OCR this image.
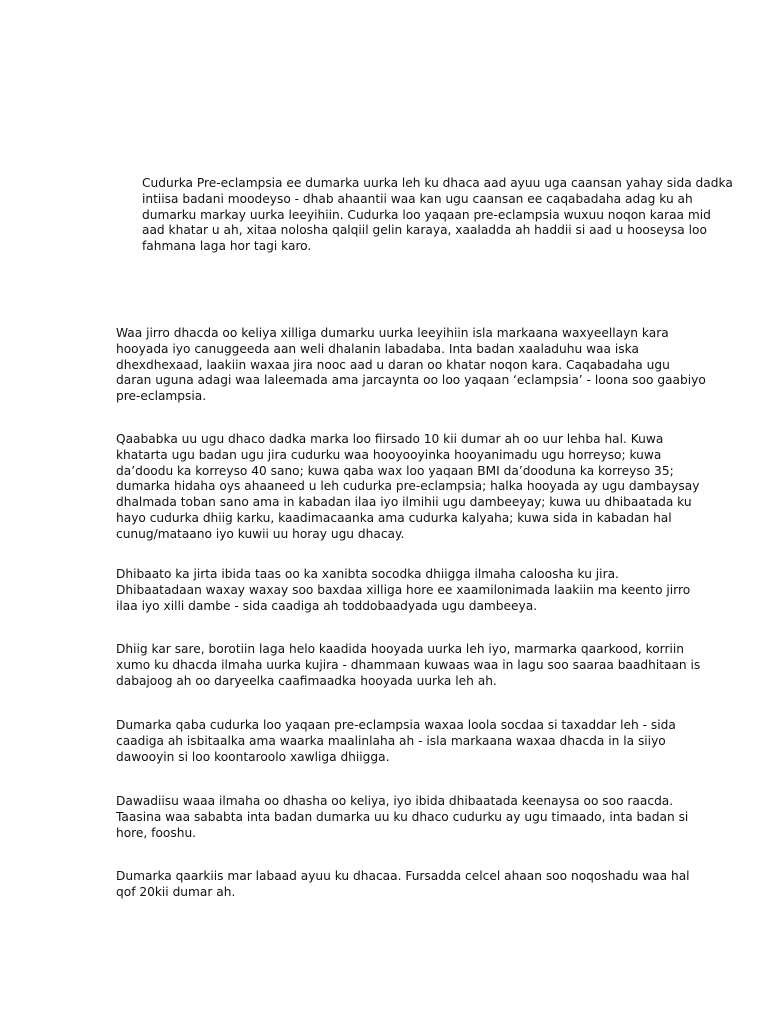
Cudurka Pre-eclampsia ee dumarka uurka leh ku dhaca aad ayuu uga caansan yahay sida dadka
intiisa badani moodeyso - dhab ahaantii waa kan ugu caansan ee caqabadaha adag ku ah
dumarku markay uurka leeyihiin. Cudurka loo yaqaan pre-eclampsia wuxuu noqon karaa mid
aad khatar u ah, xitaa nolosha qalqiil gelin karaya, xaaladda ah haddii si aad u hooseysa loo
fahmana laga hor tagi karo.
Waa jirro dhacda oo keliya xilliga dumarku uurka leeyihiin isla markaana waxyeellayn kara
hooyada iyo canuggeeda aan weli dhalanin labadaba. Inta badan xaaladuhu waa iska
dhexdhexaad, laakiin waxaa jira nooc aad u daran oo khatar noqon kara. Caqabadaha ugu
daran uguna adagi waa laleemada ama jarcaynta oo loo yaqaan ‘eclampsia’ - loona soo gaabiyo
pre-eclampsia.
Qaababka uu ugu dhaco dadka marka loo fiirsado 10 kii dumar ah oo uur lehba hal. Kuwa
khatarta ugu badan ugu jira cudurku waa hooyooyinka hooyanimadu ugu horreyso; kuwa
da’doodu ka korreyso 40 sano; kuwa qaba wax loo yaqaan BMI da’dooduna ka korreyso 35;
dumarka hidaha oys ahaaneed u leh cudurka pre-eclampsia; halka hooyada ay ugu dambaysay
dhalmada toban sano ama in kabadan ilaa iyo ilmihii ugu dambeeyay; kuwa uu dhibaatada ku
hayo cudurka dhiig karku, kaadimacaanka ama cudurka kalyaha; kuwa sida in kabadan hal
cunug/mataano iyo kuwii uu horay ugu dhacay.
Dhibaato ka jirta ibida taas oo ka xanibta socodka dhiigga ilmaha caloosha ku jira.
Dhibaatadaan waxay waxay soo baxdaa xilliga hore ee xaamilonimada laakiin ma keento jirro
ilaa iyo xilli dambe - sida caadiga ah toddobaadyada ugu dambeeya.
Dhiig kar sare, borotiin laga helo kaadida hooyada uurka leh iyo, marmarka qaarkood, korriin
xumo ku dhacda ilmaha uurka kujira - dhammaan kuwaas waa in lagu soo saaraa baadhitaan is
dabajoog ah oo daryeelka caafimaadka hooyada uurka leh ah.
Dumarka qaba cudurka loo yaqaan pre-eclampsia waxaa loola socdaa si taxaddar leh - sida
caadiga ah isbitaalka ama waarka maalinlaha ah - isla markaana waxaa dhacda in la siiyo
dawooyin si loo koontaroolo xawliga dhiigga.
Dawadiisu waaa ilmaha oo dhasha oo keliya, iyo ibida dhibaatada keenaysa oo soo raacda.
Taasina waa sababta inta badan dumarka uu ku dhaco cudurku ay ugu timaado, inta badan si
hore, fooshu.
Dumarka qaarkiis mar labaad ayuu ku dhacaa. Fursadda celcel ahaan soo noqoshadu waa hal
qof 20kii dumar ah.
